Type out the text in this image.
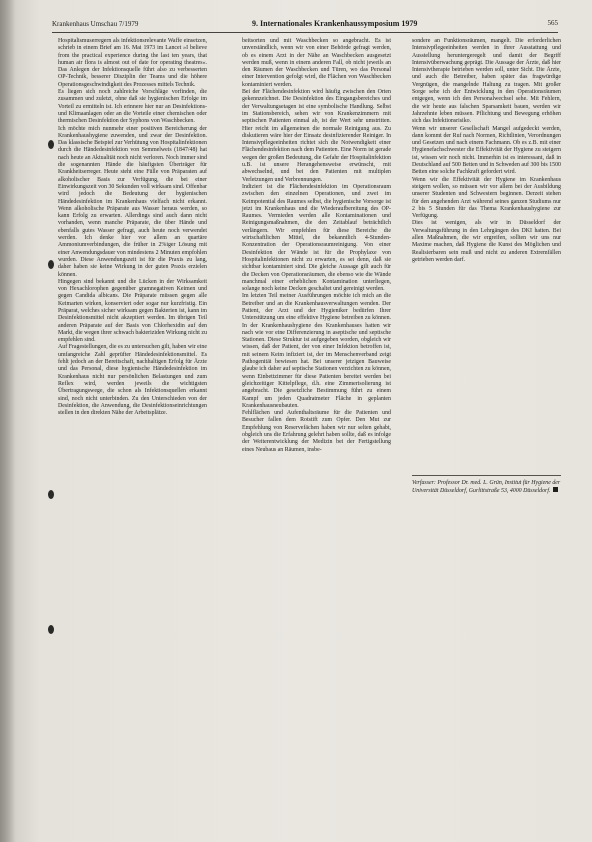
Krankenhaus Umschau 7/1979	9. Internationales Krankenhaussymposium 1979	565

Hospitalismuserregern als infektionsrelevante Waffe einsetzen, schrieb in einem Brief am 16. Mai 1973 im Lancet »I believe from the practical experience during the last ten years, that human air flora is almost out of date for operating theatres«. Das Anlegen der Infektionsquelle führt also zu verbesserten OP-Technik, besserer Disziplin der Teams und die höhere Operationsgeschwindigkeit des Prozesses mittels Technik.

Es liegen sich noch zahlreiche Vorschläge vorfinden, die zusammen und zuletzt, ohne daß sie hygienischen Erfolge im Vorteil zu ermitteln ist. Ich erinnere hier nur an Desinfektions- und Klimaanlagen oder an die Vorteile einer chemischen oder thermischen Desinfektion der Syphons von Waschbecken.

Ich möchte mich nunmehr einer positiven Bereicherung der Krankenhaushygiene zuwenden, und zwar der Desinfektion. Das klassische Beispiel zur Verhütung von Hospitalinfektionen durch die Händedesinfektion von Semmelweis (1847/48) hat nach heute an Aktualität noch nicht verloren. Noch immer sind die sogenannten Hände die häufigsten Überträger für Krankheitserreger. Heute steht eine Fülle von Präparaten auf alkoholischer Basis zur Verfügung, die bei einer Einwirkungszeit von 30 Sekunden voll wirksam sind. Offenbar wird jedoch die Bedeutung der hygienischen Händedesinfektion im Krankenhaus vielfach nicht erkannt. Wenn alkoholische Präparate aus Wasser heraus werden, so kann Erfolg zu erwarten. Allerdings sind auch dann nicht vorhanden, wenn manche Präparate, die über Hände und ebenfalls gutes Wasser gefragt, auch heute noch verwendet werden. Ich denke hier vor allem an quartäre Ammoniumverbindungen, die früher in 2%iger Lösung mit einer Anwendungsdauer von mindestens 2 Minuten empfohlen wurden. Diese Anwendungszeit ist für die Praxis zu lang, daher haben sie keine Wirkung in der guten Praxis erzielen können.

Hingegen sind bekannt und die Lücken in der Wirksamkeit von Hexachlorophen gegenüber gramnegativen Keimen und gegen Candida albicans. Die Präparate müssen gegen alle Keimarten wirken, konserviert oder sogar nur kurzfristig. Ein Präparat, welches sicher wirksam gegen Bakterien ist, kann im Desinfektionsmittel nicht akzeptiert werden. Im übrigen Teil anderen Präparate auf der Basis von Chlorhexidin auf den Markt, die wegen ihrer schwach bakteriziden Wirkung nicht zu empfehlen sind.

Auf Fragestellungen, die es zu untersuchen gilt, haben wir eine umfangreiche Zahl geprüfter Händedesinfektionsmittel. Es fehlt jedoch an der Bereitschaft, nachhaltigen Erfolg für Ärzte und das Personal, diese hygienische Händedesinfektion im Krankenhaus nicht nur persönlichen Belastungen und zum Reflex wird, werden jeweils die wichtigsten Übertragungswege, die schon als Infektionsquellen erkannt sind, noch nicht unterbinden. Zu den Unterschieden von der Desinfektion, die Anwendung, die Desinfektionseinrichtungen stellen in den direkten Nähe der Arbeitsplätze.

beitsorten und mit Waschbecken so angebracht. Es ist unverständlich, wenn wir von einer Behörde gefragt werden, ob es einem Arzt in der Nähe an Waschbecken ausgesetzt werden muß, wenn in einem anderen Fall, ob nicht jeweils an den Räumen der Waschbecken und Türen, wo das Personal einer Intervention gefolgt wird, die Flächen von Waschbecken kontaminiert werden.

Bei der Flächendesinfektion wird häufig zwischen den Orten gekennzeichnet. Die Desinfektion des Eingangsbereiches und der Verwaltungsetagen ist eine symbolische Handlung. Selbst im Stationsbereich, sehen wir von Krankenzimmern mit septischen Patienten einmal ab, ist der Wert sehr umstritten. Hier reicht im allgemeinen die normale Reinigung aus. Zu diskutieren wäre hier der Einsatz desinfizierender Reiniger. In Intensivpflegeeinheiten richtet sich die Notwendigkeit einer Flächendesinfektion nach dem Patienten. Eine Norm ist gerade wegen der großen Bedeutung, die Gefahr der Hospitalinfektion u.B. ist unsere Herangehensweise erwünscht, mit abwechselnd, und bei den Patienten mit multiplen Verletzungen und Verbrennungen.

Indiziert ist die Flächendesinfektion im Operationsraum zwischen den einzelnen Operationen, und zwei im Keimpotential des Raumes selbst, die hygienische Vorsorge ist jetzt im Krankenhaus und die Wiederaufbereitung des OP-Raumes. Vermieden werden alle Kontaminationen und Reinigungsmaßnahmen, die den Zeitablauf beträchtlich verlängern. Wir empfehlen für diese Bereiche die wirtschaftlichen Mittel, die bekanntlich 4-Stunden-Konzentration der Operationsraumreinigung. Von einer Desinfektion der Wände ist für die Prophylaxe von Hospitalinfektionen nicht zu erwarten, es sei denn, daß sie sichtbar kontaminiert sind. Die gleiche Aussage gilt auch für die Decken von Operationsräumen, die ebenso wie die Wände manchmal einer erheblichen Kontamination unterliegen, solange noch keine Decken geschaltet und gereinigt werden.

Im letzten Teil meiner Ausführungen möchte ich mich an die Betreiber und an die Krankenhausverwaltungen wenden. Der Patient, der Arzt und der Hygieniker bedürfen Ihrer Unterstützung um eine effektive Hygiene betreiben zu können. In der Krankenhaushygiene des Krankenhauses hatten wir nach wie vor eine Differenzierung in aseptische und septische Stationen. Diese Struktur ist aufgegeben worden, obgleich wir wissen, daß der Patient, der von einer Infektion betroffen ist, mit seinem Keim infiziert ist, der im Menschenverband zeigt Pathogenität bewiesen hat. Bei unserer jetzigen Bauweise glaube ich daher auf septische Stationen verzichten zu können, wenn Einbettzimmer für diese Patienten bereitet werden bei gleichzeitiger Kittelpflege, d.h. eine Zimmerisolierung ist angebracht. Die gesetzliche Bestimmung führt zu einem Kampf um jeden Quadratmeter Fläche in geplanten Krankenhausneubauten.

Fehlflächen und Aufenthaltsräume für die Patienten und Besucher fallen dem Rotstift zum Opfer. Den Mut zur Empfehlung von Reservefächen haben wir nur selten gehabt, obgleich uns die Erfahrung gelehrt haben sollte, daß es infolge der Weiterentwicklung der Medizin bei der Fertigstellung eines Neubaus an Räumen, insbe-

sondere an Funktionsräumen, mangelt. Die erforderlichen Intensivpflegeeinheiten werden in ihrer Ausstattung und Ausstellung heruntergeregelt und damit der Begriff Intensivüberwachung geprägt. Die Aussage der Ärzte, daß hier Intensivtherapie betrieben werden soll, unter Sicht. Die Ärzte, und auch die Betreiber, haben später das fragwürdige Vergnügen, die mangelnde Haltung zu tragen. Mit großer Sorge sehe ich der Entwicklung in den Operationsräumen entgegen, wenn ich den Personalwechsel sehe. Mit Fehlern, die wir heute aus falschen Sparsamkeit bauen, werden wir Jahrzehnte leben müssen. Pflichtung und Bewegung erhöhen sich das Infektionsrisiko.

Wenn wir unserer Gesellschaft Mangel aufgedeckt werden, dann kommt der Ruf nach Normen, Richtlinien, Verordnungen und Gesetzen und nach einem Fachmann. Ob es z.B. mit einer Hygienefachschwester die Effektivität der Hygiene zu steigern ist, wissen wir noch nicht. Immerhin ist es interessant, daß in Deutschland auf 500 Betten und in Schweden auf 300 bis 1500 Betten eine solche Fachkraft gefordert wird.

Wenn wir die Effektivität der Hygiene im Krankenhaus steigern wollen, so müssen wir vor allem bei der Ausbildung unserer Studenten und Schwestern beginnen. Derzeit stehen für den angehenden Arzt während seines ganzen Studiums nur 2 bis 5 Stunden für das Thema Krankenhaushygiene zur Verfügung.

Dies ist wenigen, als wir in Düsseldorf der Verwaltungsführung in den Lehrgängen des DKI hatten. Bei allen Maßnahmen, die wir ergreifen, sollten wir uns nur Maxime machen, daß Hygiene die Kunst des Möglichen und Realisierbaren sein muß und nicht zu anderen Extremfällen getrieben werden darf.

Verfasser: Professor Dr. med. L. Grün, Institut für Hygiene der Universität Düsseldorf, Gurlittstraße 53, 4000 Düsseldorf.
